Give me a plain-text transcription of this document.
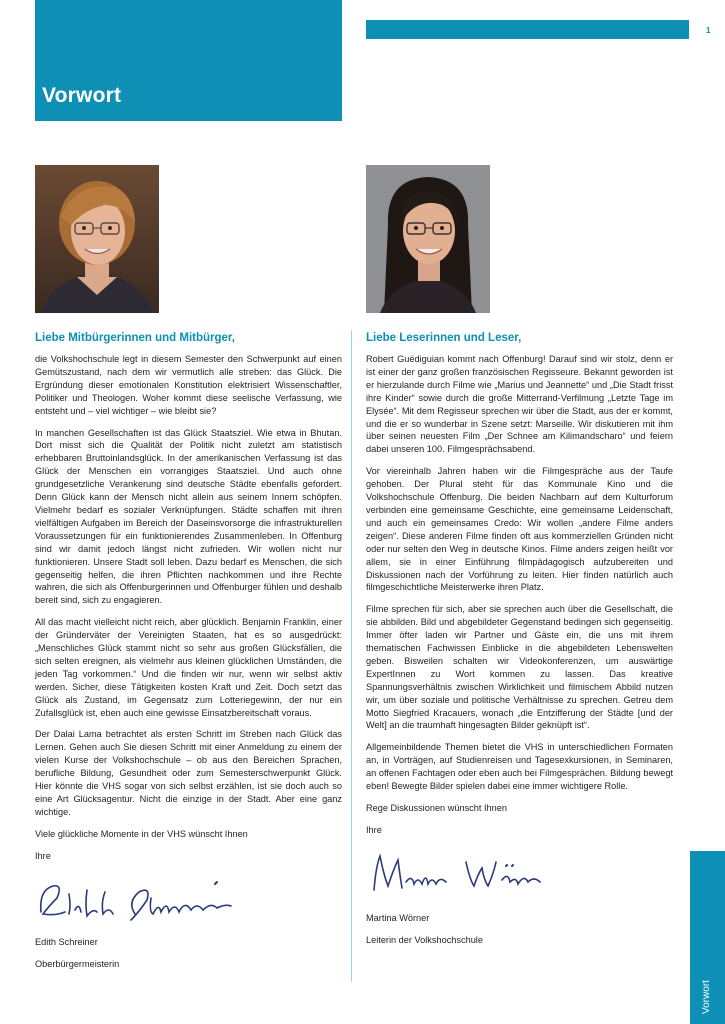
Vorwort
1
Liebe Mitbürgerinnen und Mitbürger,

die Volkshochschule legt in diesem Semester den Schwerpunkt auf einen Gemütszustand, nach dem wir vermutlich alle streben: das Glück. Die Ergründung dieser emotionalen Konstitution elektrisiert Wissenschaftler, Politiker und Theologen. Woher kommt diese seelische Verfassung, wie entsteht und – viel wichtiger – wie bleibt sie?

In manchen Gesellschaften ist das Glück Staatsziel. Wie etwa in Bhutan. Dort misst sich die Qualität der Politik nicht zuletzt am statistisch erhebbaren Bruttoinlandsglück. In der amerikanischen Verfassung ist das Glück der Menschen ein vorrangiges Staatsziel. Und auch ohne grundgesetzliche Verankerung sind deutsche Städte ebenfalls gefordert. Denn Glück kann der Mensch nicht allein aus seinem Innern schöpfen. Vielmehr bedarf es sozialer Verknüpfungen. Städte schaffen mit ihren vielfältigen Aufgaben im Bereich der Daseinsvorsorge die infrastrukturellen Voraussetzungen für ein funktionierendes Zusammenleben. In Offenburg sind wir damit jedoch längst nicht zufrieden. Wir wollen nicht nur funktionieren. Unsere Stadt soll leben. Dazu bedarf es Menschen, die sich gegenseitig helfen, die ihren Pflichten nachkommen und ihre Rechte wahren, die sich als Offenburgerinnen und Offenburger fühlen und deshalb bereit sind, sich zu engagieren.

All das macht vielleicht nicht reich, aber glücklich. Benjamin Franklin, einer der Gründerväter der Vereinigten Staaten, hat es so ausgedrückt: „Menschliches Glück stammt nicht so sehr aus großen Glücksfällen, die sich selten ereignen, als vielmehr aus kleinen glücklichen Umständen, die jeden Tag vorkommen.“ Und die finden wir nur, wenn wir selbst aktiv werden. Sicher, diese Tätigkeiten kosten Kraft und Zeit. Doch setzt das Glück als Zustand, im Gegensatz zum Lotteriegewinn, der nur ein Zufallsglück ist, eben auch eine gewisse Einsatzbereitschaft voraus.

Der Dalai Lama betrachtet als ersten Schritt im Streben nach Glück das Lernen. Gehen auch Sie diesen Schritt mit einer Anmeldung zu einem der vielen Kurse der Volkshochschule – ob aus den Bereichen Sprachen, berufliche Bildung, Gesundheit oder zum Semesterschwerpunkt Glück. Hier könnte die VHS sogar von sich selbst erzählen, ist sie doch auch so eine Art Glücksagentur. Nicht die einzige in der Stadt. Aber eine ganz wichtige.

Viele glückliche Momente in der VHS wünscht Ihnen

Ihre

Edith Schreiner

Oberbürgermeisterin

Liebe Leserinnen und Leser,

Robert Guédiguian kommt nach Offenburg! Darauf sind wir stolz, denn er ist einer der ganz großen französischen Regisseure. Bekannt geworden ist er hierzulande durch Filme wie „Marius und Jeannette“ und „Die Stadt frisst ihre Kinder“ sowie durch die große Mitterrand-Verfilmung „Letzte Tage im Elysée“. Mit dem Regisseur sprechen wir über die Stadt, aus der er kommt, und die er so wunderbar in Szene setzt: Marseille. Wir diskutieren mit ihm über seinen neuesten Film „Der Schnee am Kilimandscharo“ und feiern dabei unseren 100. Filmgesprächsabend.

Vor viereinhalb Jahren haben wir die Filmgespräche aus der Taufe gehoben. Der Plural steht für das Kommunale Kino und die Volkshochschule Offenburg. Die beiden Nachbarn auf dem Kulturforum verbinden eine gemeinsame Geschichte, eine gemeinsame Leidenschaft, und auch ein gemeinsames Credo: Wir wollen „andere Filme anders zeigen“. Diese anderen Filme finden oft aus kommerziellen Gründen nicht oder nur selten den Weg in deutsche Kinos. Filme anders zeigen heißt vor allem, sie in einer Einführung filmpädagogisch aufzubereiten und Diskussionen nach der Vorführung zu leiten. Hier finden natürlich auch filmgeschichtliche Meisterwerke ihren Platz.

Filme sprechen für sich, aber sie sprechen auch über die Gesellschaft, die sie abbilden. Bild und abgebildeter Gegenstand bedingen sich gegenseitig. Immer öfter laden wir Partner und Gäste ein, die uns mit ihrem thematischen Fachwissen Einblicke in die abgebildeten Lebenswelten geben. Bisweilen schalten wir Videokonferenzen, um auswärtige ExpertInnen zu Wort kommen zu lassen. Das kreative Spannungsverhältnis zwischen Wirklichkeit und filmischem Abbild nutzen wir, um über soziale und politische Verhältnisse zu sprechen. Getreu dem Motto Siegfried Kracauers, wonach „die Entzifferung der Städte [und der Welt] an die traumhaft hingesagten Bilder geknüpft ist“.

Allgemeinbildende Themen bietet die VHS in unterschiedlichen Formaten an, in Vorträgen, auf Studienreisen und Tagesexkursionen, in Seminaren, an offenen Fachtagen oder eben auch bei Filmgesprächen. Bildung bewegt eben! Bewegte Bilder spielen dabei eine immer wichtigere Rolle.

Rege Diskussionen wünscht Ihnen

Ihre

Martina Wörner

Leiterin der Volkshochschule

Vorwort
